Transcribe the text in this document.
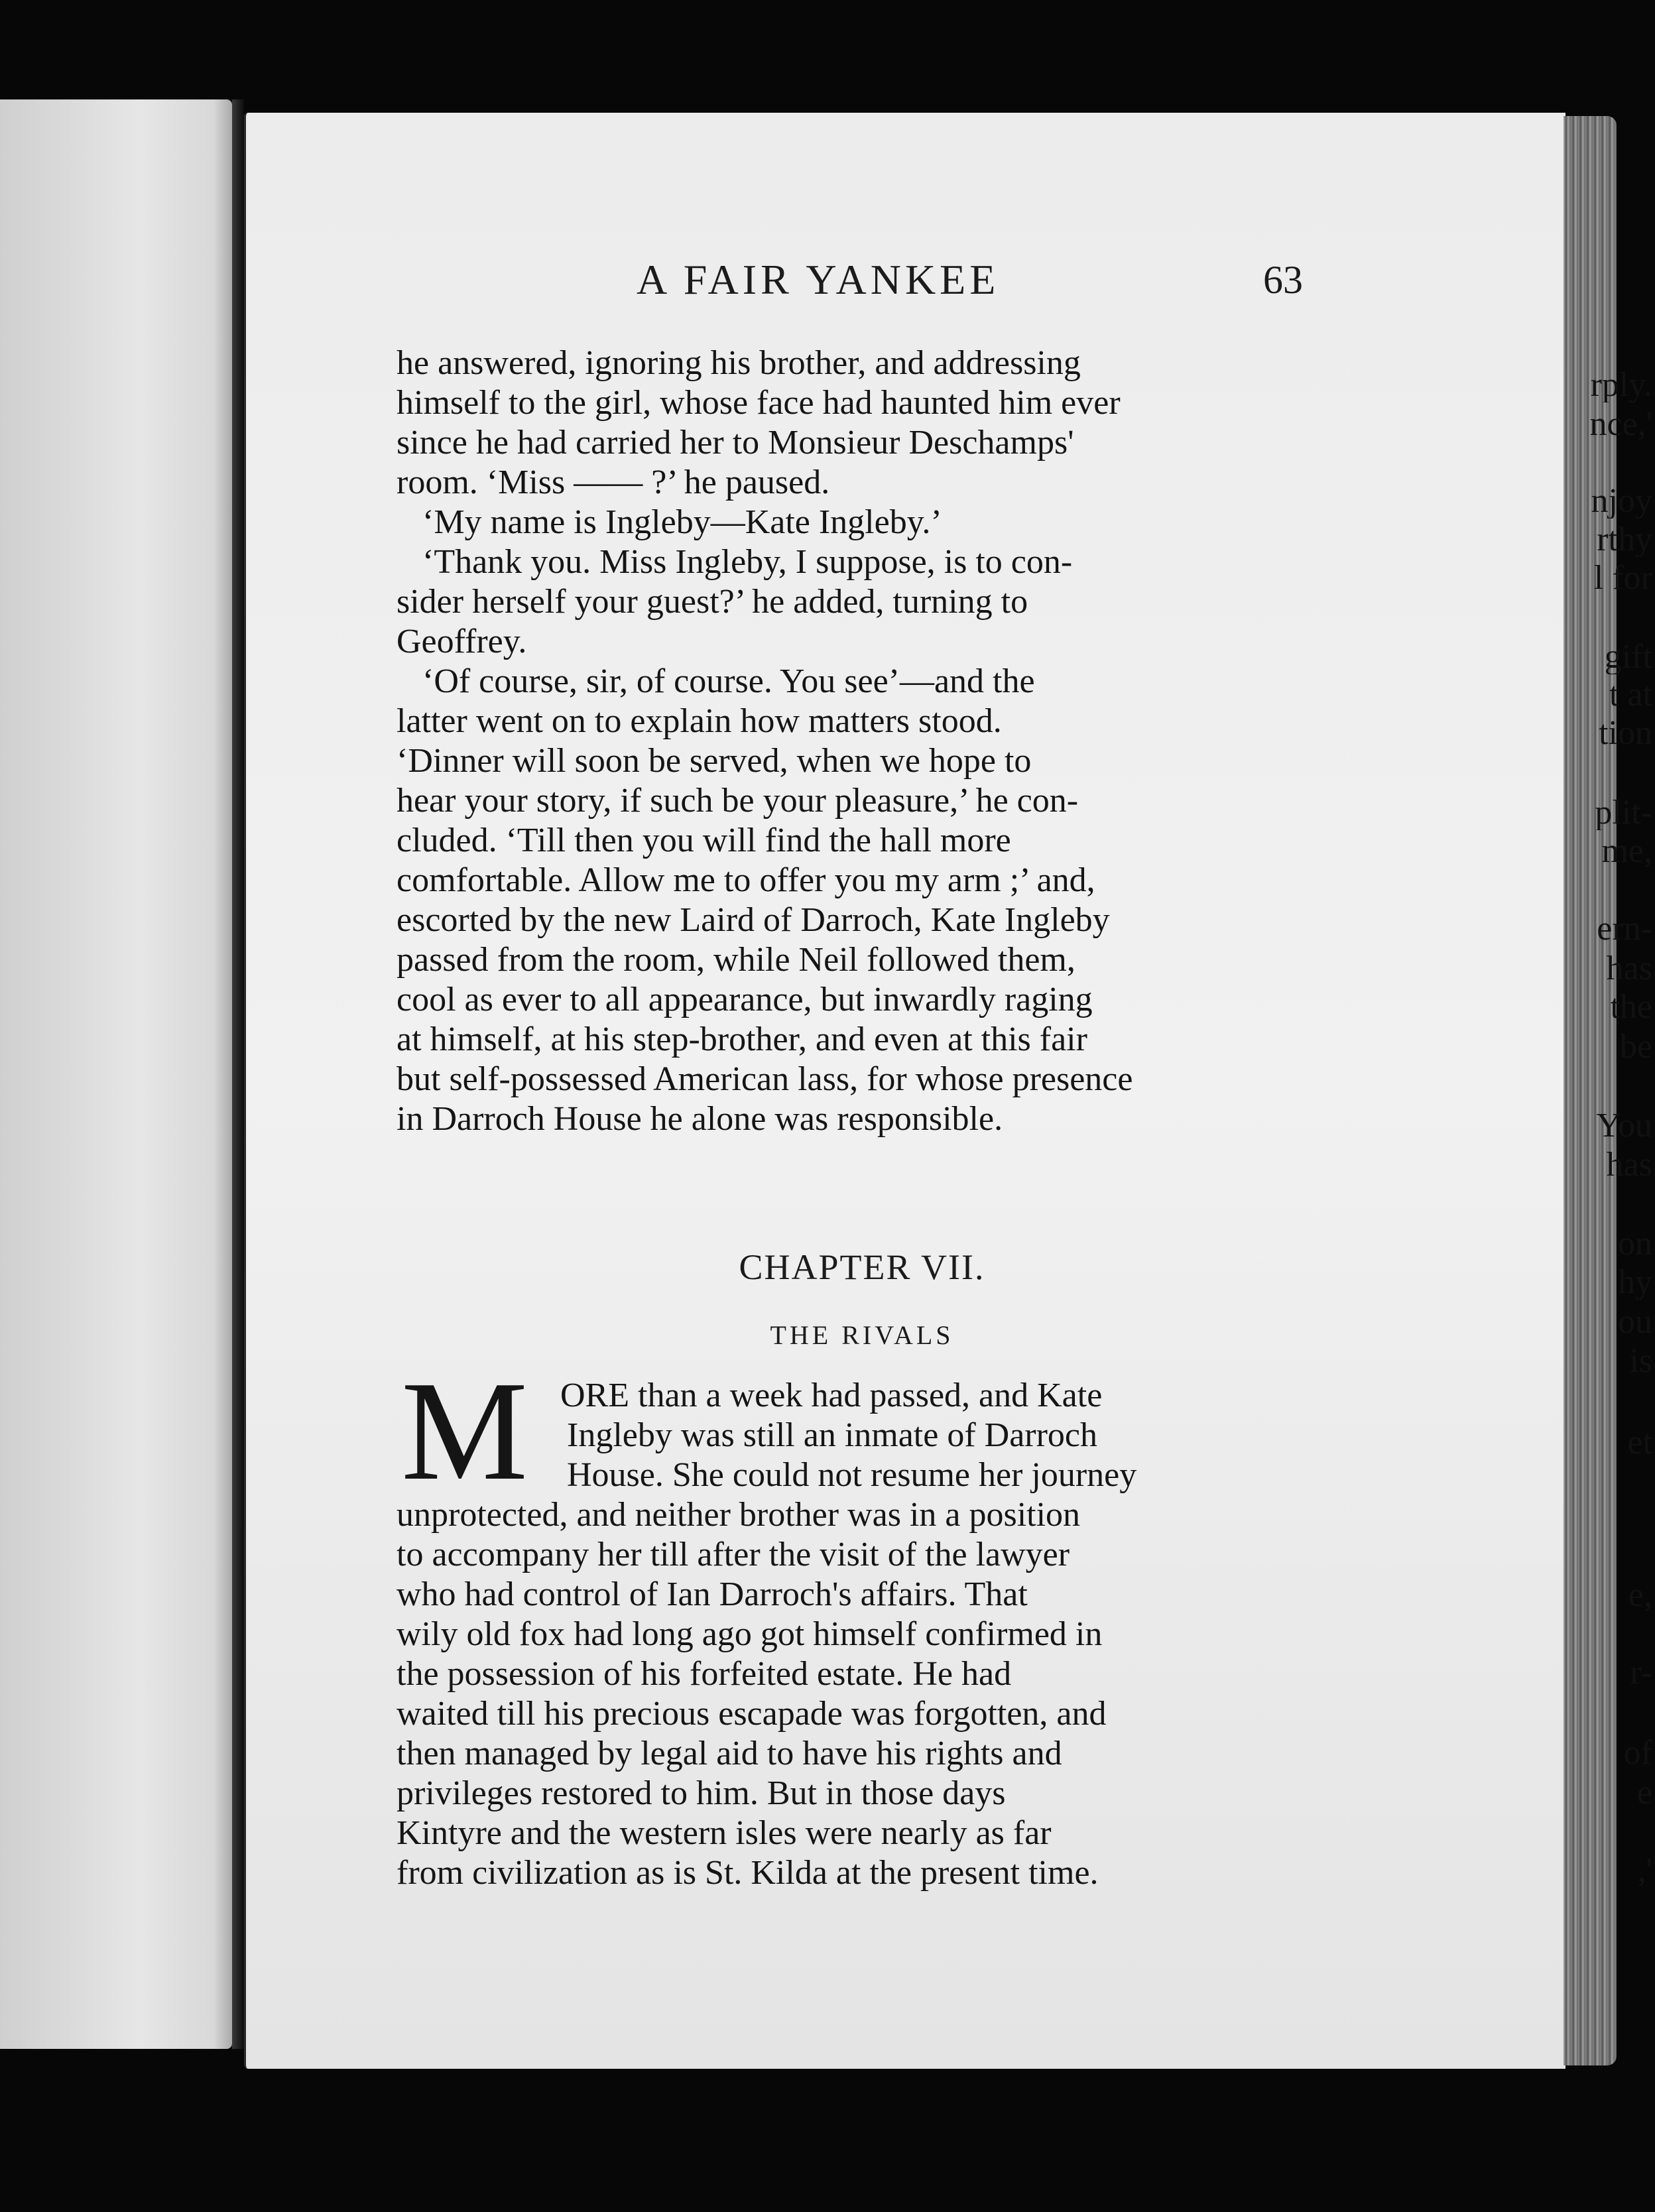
rply.
nce,'
njoy
rthy
l for
gift
t at
tion
plit-
me,
ern-
has
the
be
You
has
on
hy
ou
is
et
e,
r-
of
e
,'
A FAIR YANKEE	63
he answered, ignoring his brother, and addressing
himself to the girl, whose face had haunted him ever
since he had carried her to Monsieur Deschamps'
room. ‘Miss —— ?’ he paused.
‘My name is Ingleby—Kate Ingleby.’
‘Thank you. Miss Ingleby, I suppose, is to con-
sider herself your guest?’ he added, turning to
Geoffrey.
‘Of course, sir, of course. You see’—and the
latter went on to explain how matters stood.
‘Dinner will soon be served, when we hope to
hear your story, if such be your pleasure,’ he con-
cluded. ‘Till then you will find the hall more
comfortable. Allow me to offer you my arm ;’ and,
escorted by the new Laird of Darroch, Kate Ingleby
passed from the room, while Neil followed them,
cool as ever to all appearance, but inwardly raging
at himself, at his step-brother, and even at this fair
but self-possessed American lass, for whose presence
in Darroch House he alone was responsible.
CHAPTER VII.
THE RIVALS
M ORE than a week had passed, and Kate
Ingleby was still an inmate of Darroch
House. She could not resume her journey
unprotected, and neither brother was in a position
to accompany her till after the visit of the lawyer
who had control of Ian Darroch's affairs. That
wily old fox had long ago got himself confirmed in
the possession of his forfeited estate. He had
waited till his precious escapade was forgotten, and
then managed by legal aid to have his rights and
privileges restored to him. But in those days
Kintyre and the western isles were nearly as far
from civilization as is St. Kilda at the present time.
